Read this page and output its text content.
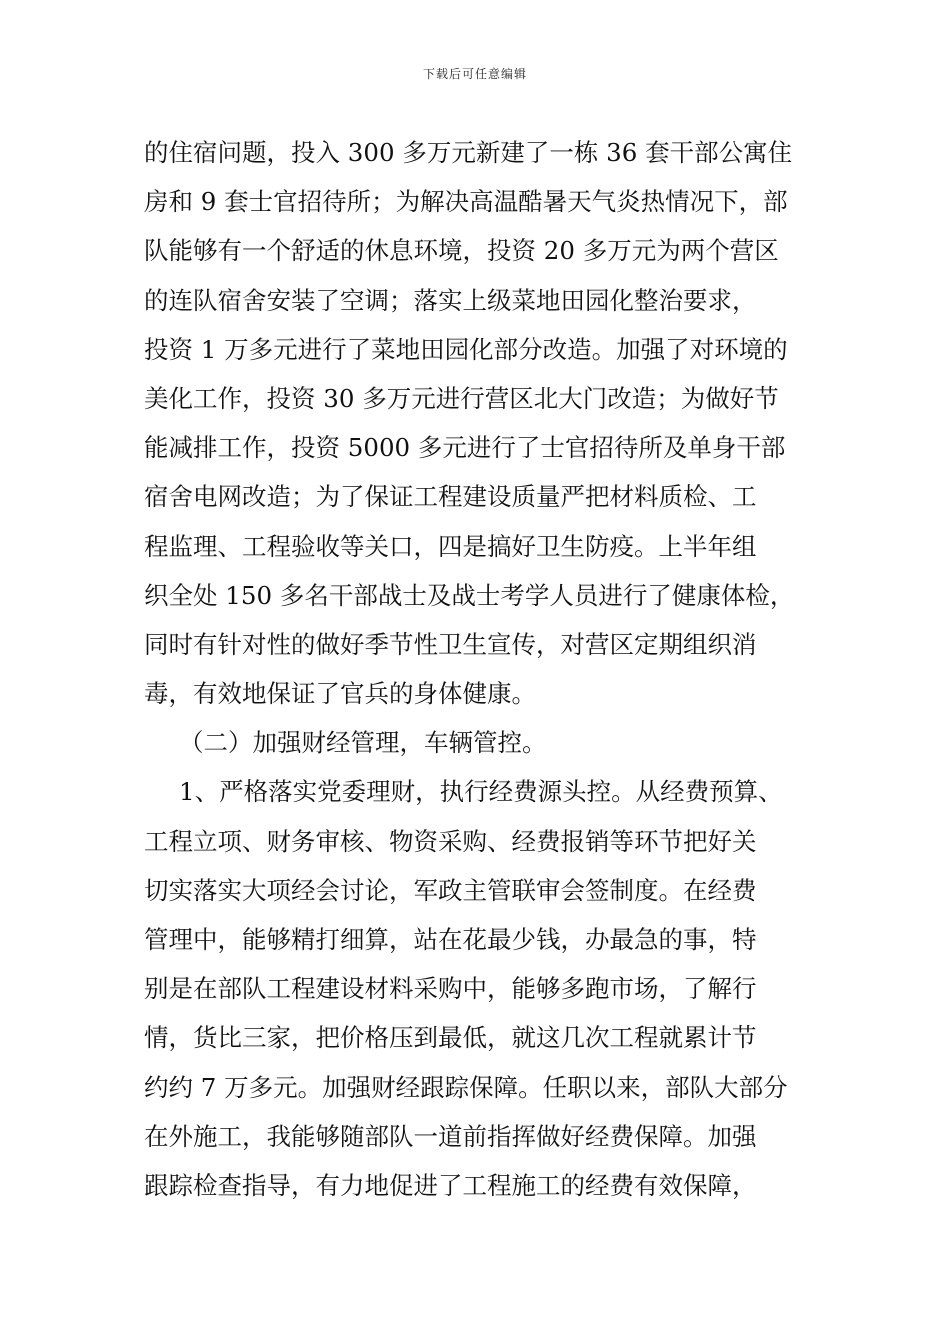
下载后可任意编辑
的住宿问题，投入 300 多万元新建了一栋 36 套干部公寓住
房和 9 套士官招待所；为解决高温酷暑天气炎热情况下，部
队能够有一个舒适的休息环境，投资 20 多万元为两个营区
的连队宿舍安装了空调；落实上级菜地田园化整治要求，
投资 1 万多元进行了菜地田园化部分改造。加强了对环境的
美化工作，投资 30 多万元进行营区北大门改造；为做好节
能减排工作，投资 5000 多元进行了士官招待所及单身干部
宿舍电网改造；为了保证工程建设质量严把材料质检、工
程监理、工程验收等关口，四是搞好卫生防疫。上半年组
织全处 150 多名干部战士及战士考学人员进行了健康体检，
同时有针对性的做好季节性卫生宣传，对营区定期组织消
毒，有效地保证了官兵的身体健康。
（二）加强财经管理，车辆管控。
1、严格落实党委理财，执行经费源头控。从经费预算、
工程立项、财务审核、物资采购、经费报销等环节把好关
切实落实大项经会讨论，军政主管联审会签制度。在经费
管理中，能够精打细算，站在花最少钱，办最急的事，特
别是在部队工程建设材料采购中，能够多跑市场，了解行
情，货比三家，把价格压到最低，就这几次工程就累计节
约约 7 万多元。加强财经跟踪保障。任职以来，部队大部分
在外施工，我能够随部队一道前指挥做好经费保障。加强
跟踪检查指导，有力地促进了工程施工的经费有效保障，
